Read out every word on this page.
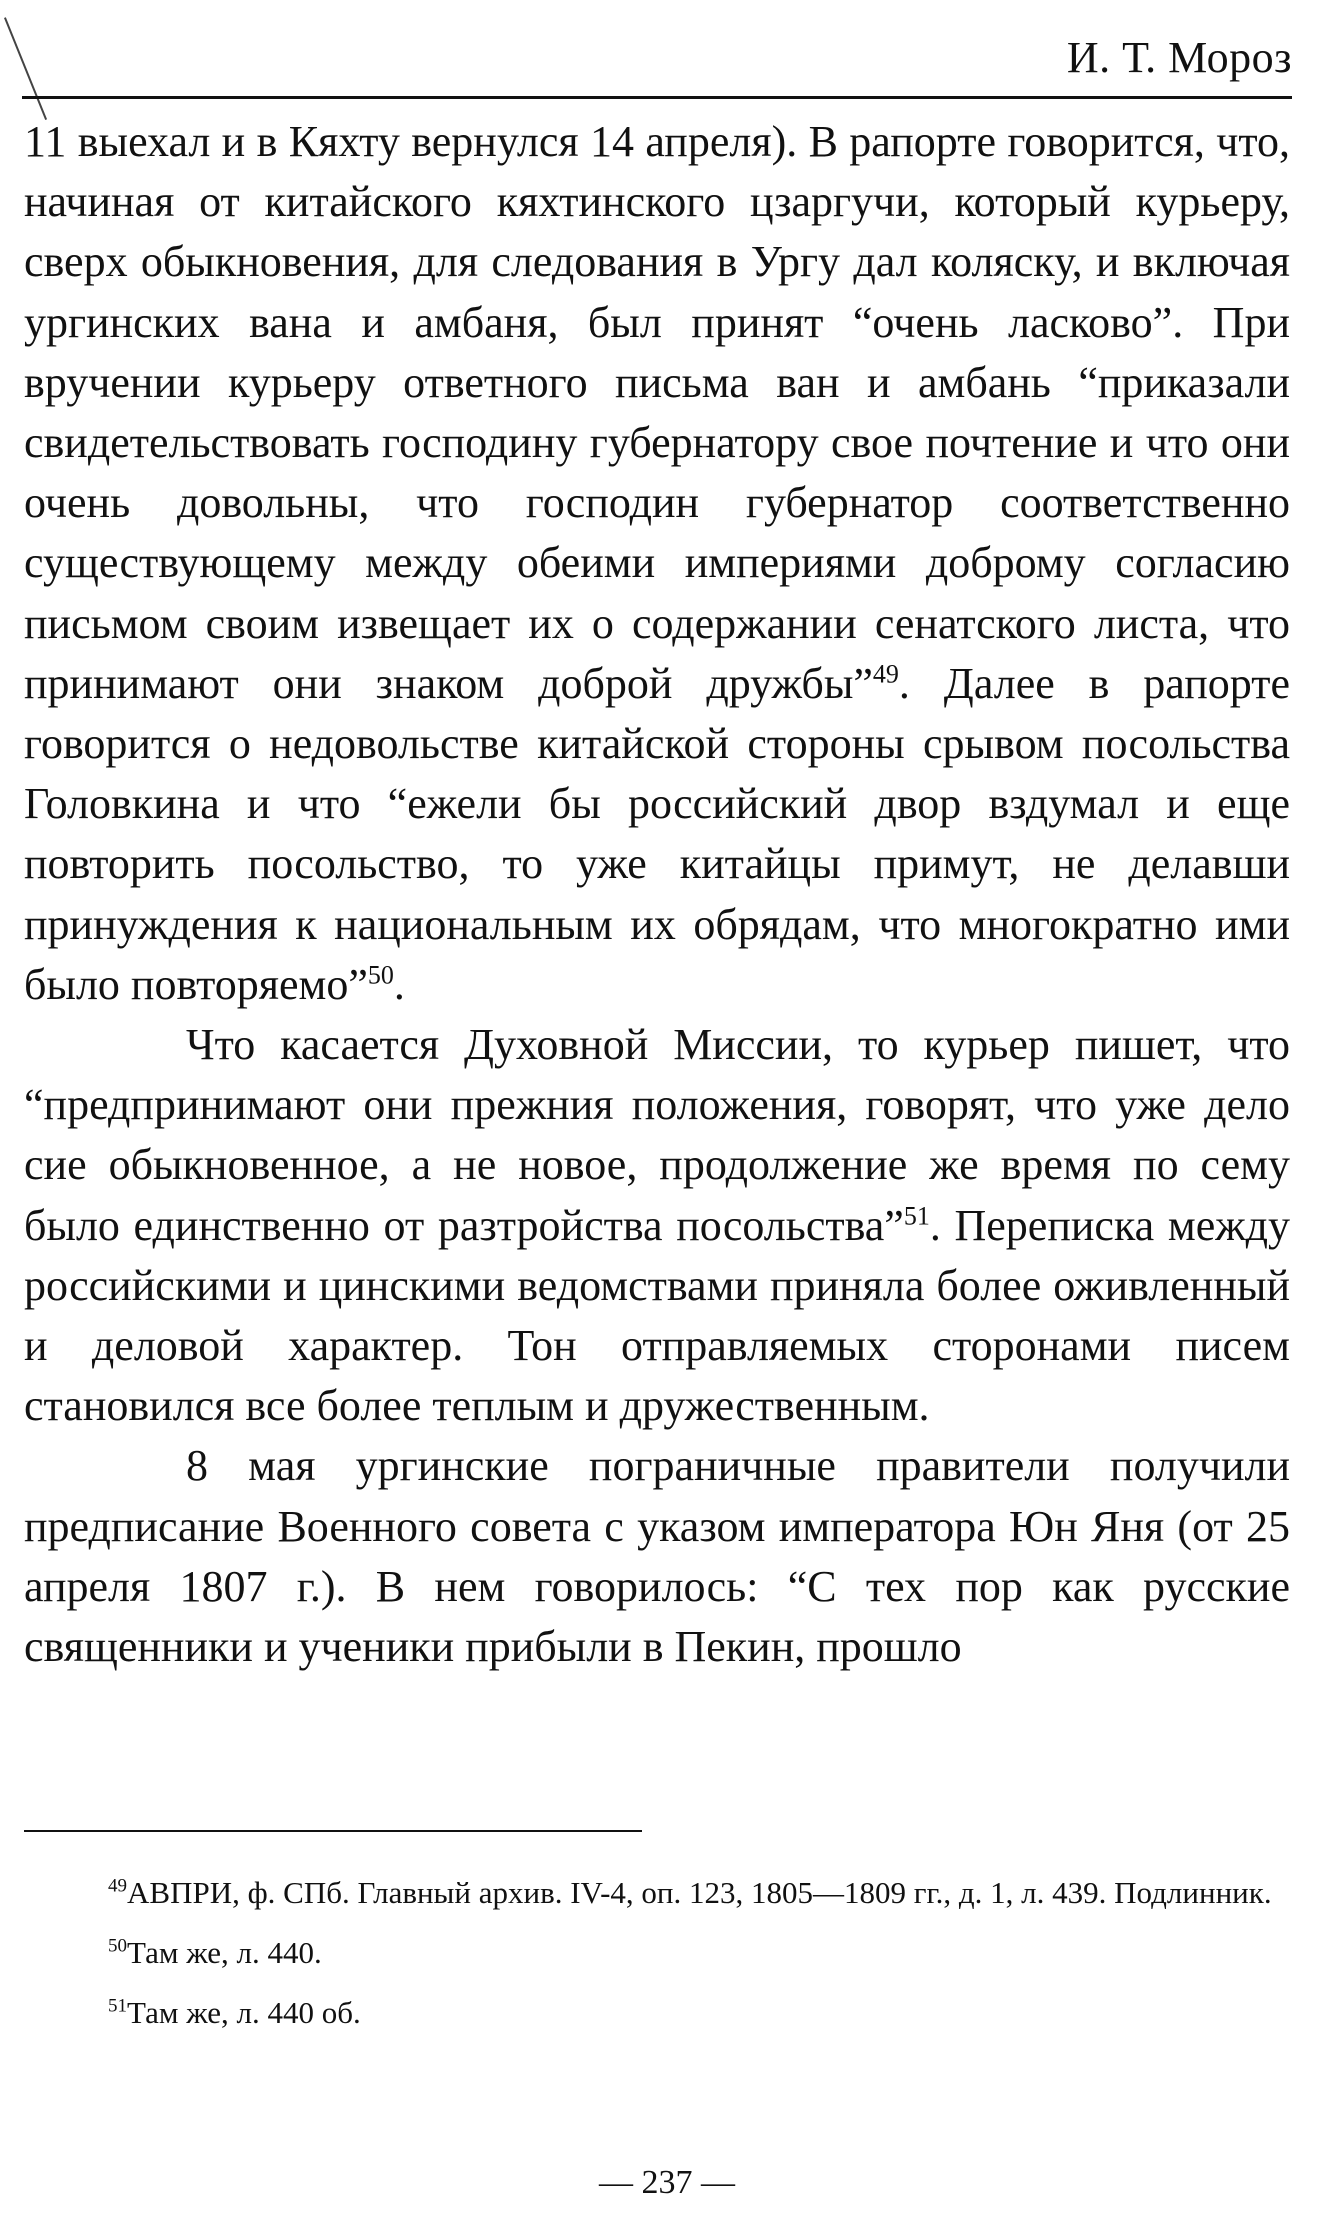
И. Т. Мороз

11 выехал и в Кяхту вернулся 14 апреля). В рапорте говорится, что, начиная от китайского кяхтинского цзаргучи, который курьеру, сверх обыкновения, для следования в Ургу дал коляску, и включая ургинских вана и амбаня, был принят “очень ласково”. При вручении курьеру ответного письма ван и амбань “приказали свидетельствовать господину губернатору свое почтение и что они очень довольны, что господин губернатор соответственно существующему между обеими империями доброму согласию письмом своим извещает их о содержании сенатского листа, что принимают они знаком доброй дружбы”$^{49}$. Далее в рапорте говорится о недовольстве китайской стороны срывом посольства Головкина и что “ежели бы российский двор вздумал и еще повторить посольство, то уже китайцы примут, не делавши принуждения к национальным их обрядам, что многократно ими было повторяемо”$^{50}$.

Что касается Духовной Миссии, то курьер пишет, что “предпринимают они прежния положения, говорят, что уже дело сие обыкновенное, а не новое, продолжение же время по сему было единственно от разтройства посольства”$^{51}$. Переписка между российскими и цинскими ведомствами приняла более оживленный и деловой характер. Тон отправляемых сторонами писем становился все более теплым и дружественным.

8 мая ургинские пограничные правители получили предписание Военного совета с указом императора Юн Яня (от 25 апреля 1807 г.). В нем говорилось: “С тех пор как русские священники и ученики прибыли в Пекин, прошло

$^{49}$АВПРИ, ф. СПб. Главный архив. IV-4, оп. 123, 1805—1809 гг., д. 1, л. 439. Подлинник.

$^{50}$Там же, л. 440.

$^{51}$Там же, л. 440 об.

— 237 —
